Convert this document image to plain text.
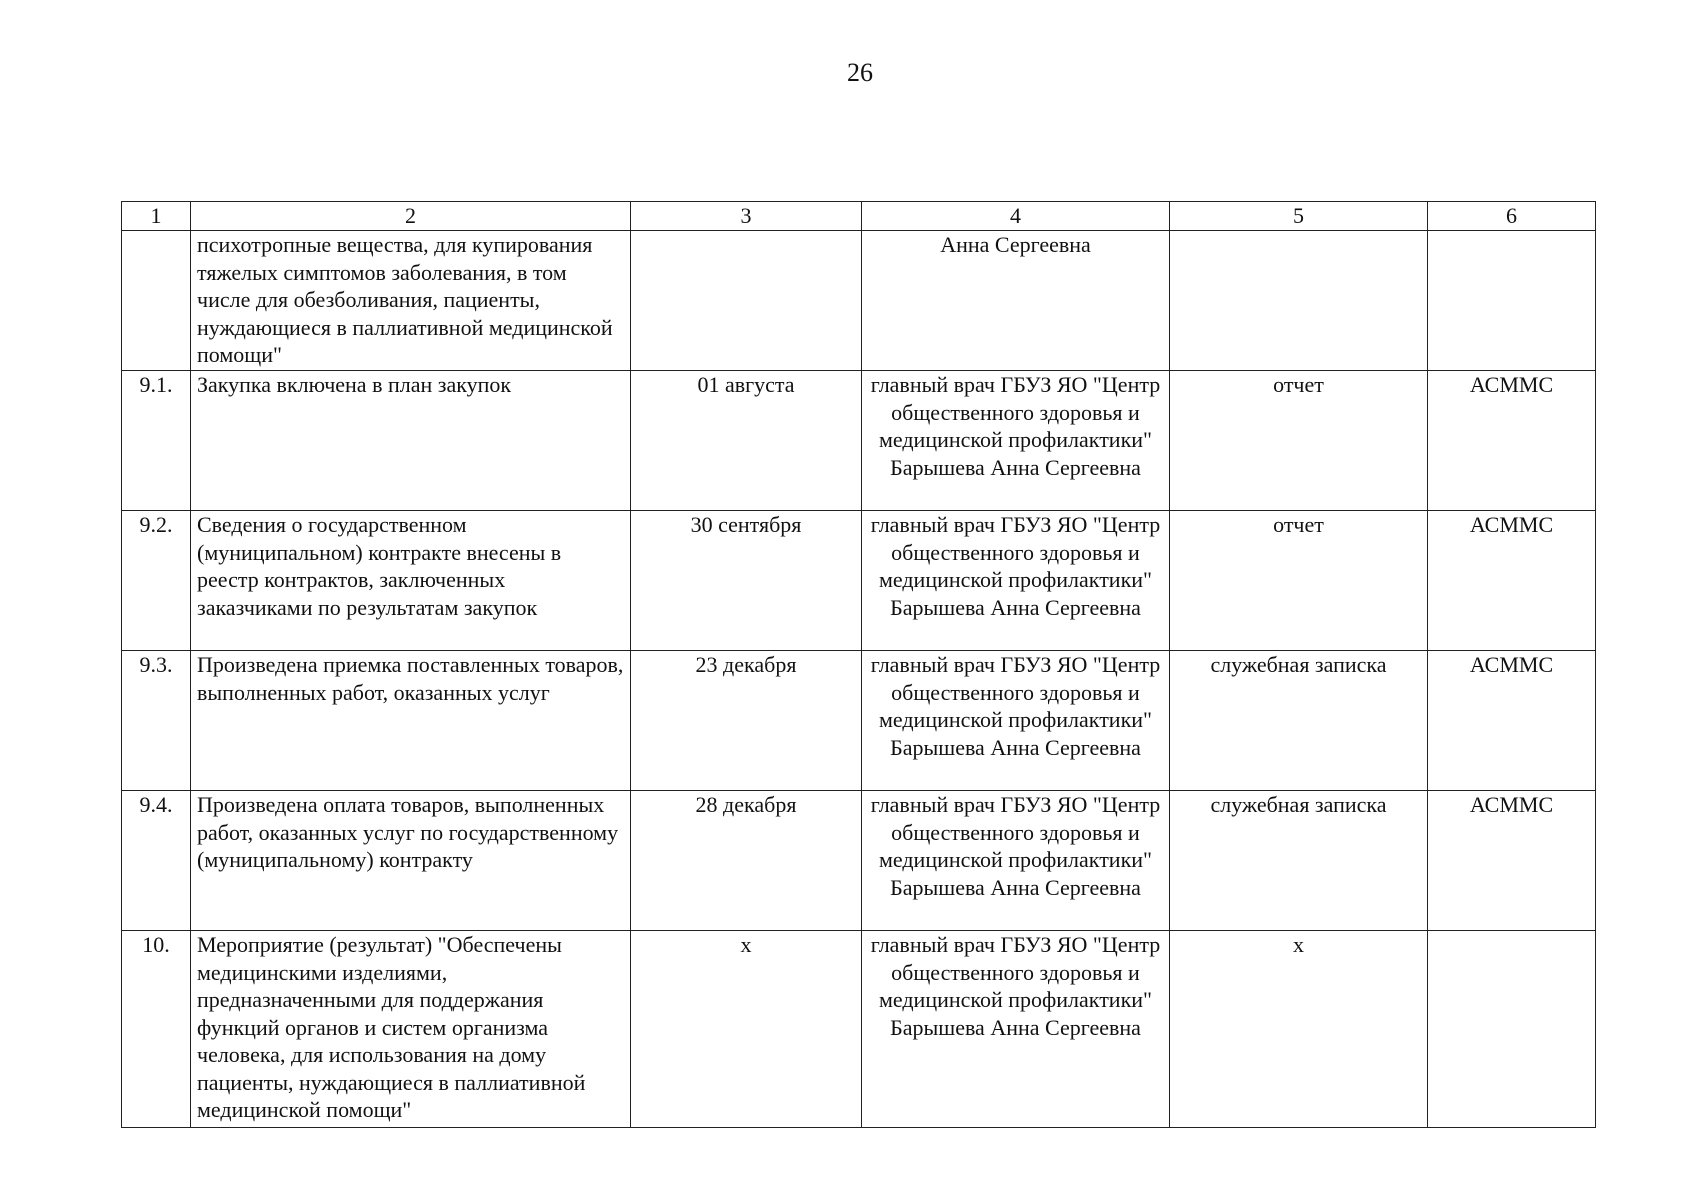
26
1	2	3	4	5	6
	психотропные вещества, для купирования тяжелых симптомов заболевания, в том числе для обезболивания, пациенты, нуждающиеся в паллиативной медицинской помощи"		Анна Сергеевна		
9.1.	Закупка включена в план закупок	01 августа	главный врач ГБУЗ ЯО "Центр общественного здоровья и медицинской профилактики" Барышева Анна Сергеевна	отчет	АСММС
9.2.	Сведения о государственном (муниципальном) контракте внесены в реестр контрактов, заключенных заказчиками по результатам закупок	30 сентября	главный врач ГБУЗ ЯО "Центр общественного здоровья и медицинской профилактики" Барышева Анна Сергеевна	отчет	АСММС
9.3.	Произведена приемка поставленных товаров, выполненных работ, оказанных услуг	23 декабря	главный врач ГБУЗ ЯО "Центр общественного здоровья и медицинской профилактики" Барышева Анна Сергеевна	служебная записка	АСММС
9.4.	Произведена оплата товаров, выполненных работ, оказанных услуг по государственному (муниципальному) контракту	28 декабря	главный врач ГБУЗ ЯО "Центр общественного здоровья и медицинской профилактики" Барышева Анна Сергеевна	служебная записка	АСММС
10.	Мероприятие (результат) "Обеспечены медицинскими изделиями, предназначенными для поддержания функций органов и систем организма человека, для использования на дому пациенты, нуждающиеся в паллиативной медицинской помощи"	х	главный врач ГБУЗ ЯО "Центр общественного здоровья и медицинской профилактики" Барышева Анна Сергеевна	х	
